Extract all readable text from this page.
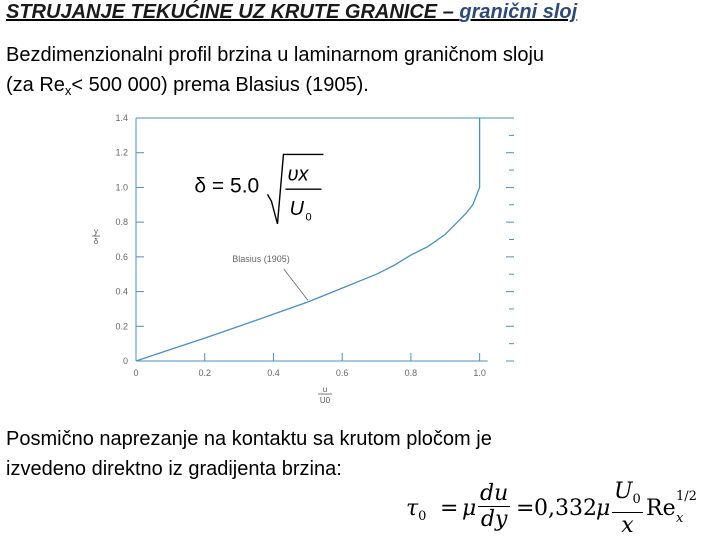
STRUJANJE TEKUĆINE UZ KRUTE GRANICE – granični sloj
Bezdimenzionalni profil brzina u laminarnom graničnom sloju
(za $Re_x< 500$ 000) prema Blasius (1905).
0
0.2
0.4
0.6
0.8
1.0
1.2
1.4
0	0.2	0.4	0.6	0.8	1.0
Blasius (1905)
δ = 5.0
υx
U 0
y
δ
u
U0
Posmično naprezanje na kontaktu sa krutom pločom je
izvedeno direktno iz gradijenta brzina:
$\tau_0 = \mu \frac{du}{dy} = 0,332$ μ $\frac{U_0}{x}$ Re 1/2
x
